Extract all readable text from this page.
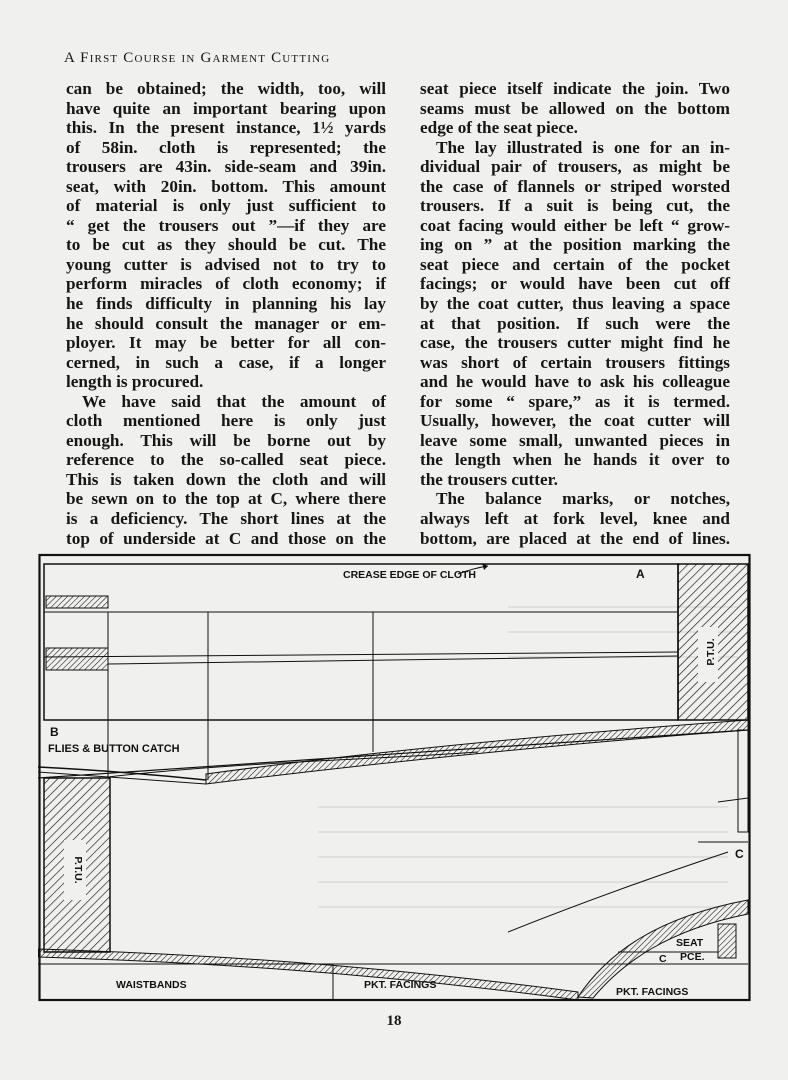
A First Course in Garment Cutting
can be obtained; the width, too, will
have quite an important bearing upon
this. In the present instance, 1½ yards
of 58in. cloth is represented; the
trousers are 43in. side-seam and 39in.
seat, with 20in. bottom. This amount
of material is only just sufficient to
“ get the trousers out ”—if they are
to be cut as they should be cut. The
young cutter is advised not to try to
perform miracles of cloth economy; if
he finds difficulty in planning his lay
he should consult the manager or em-
ployer. It may be better for all con-
cerned, in such a case, if a longer
length is procured.
We have said that the amount of
cloth mentioned here is only just
enough. This will be borne out by
reference to the so-called seat piece.
This is taken down the cloth and will
be sewn on to the top at C, where there
is a deficiency. The short lines at the
top of underside at C and those on the
seat piece itself indicate the join. Two
seams must be allowed on the bottom
edge of the seat piece.
The lay illustrated is one for an in-
dividual pair of trousers, as might be
the case of flannels or striped worsted
trousers. If a suit is being cut, the
coat facing would either be left “ grow-
ing on ” at the position marking the
seat piece and certain of the pocket
facings; or would have been cut off
by the coat cutter, thus leaving a space
at that position. If such were the
case, the trousers cutter might find he
was short of certain trousers fittings
and he would have to ask his colleague
for some “ spare,” as it is termed.
Usually, however, the coat cutter will
leave some small, unwanted pieces in
the length when he hands it over to
the trousers cutter.
The balance marks, or notches,
always left at fork level, knee and
bottom, are placed at the end of lines.
CREASE EDGE OF CLOTH	A
P.T.U.
B
FLIES & BUTTON CATCH
P.T.U.
C
SEAT
PCE.
C
WAISTBANDS	PKT. FACINGS
PKT. FACINGS
18
